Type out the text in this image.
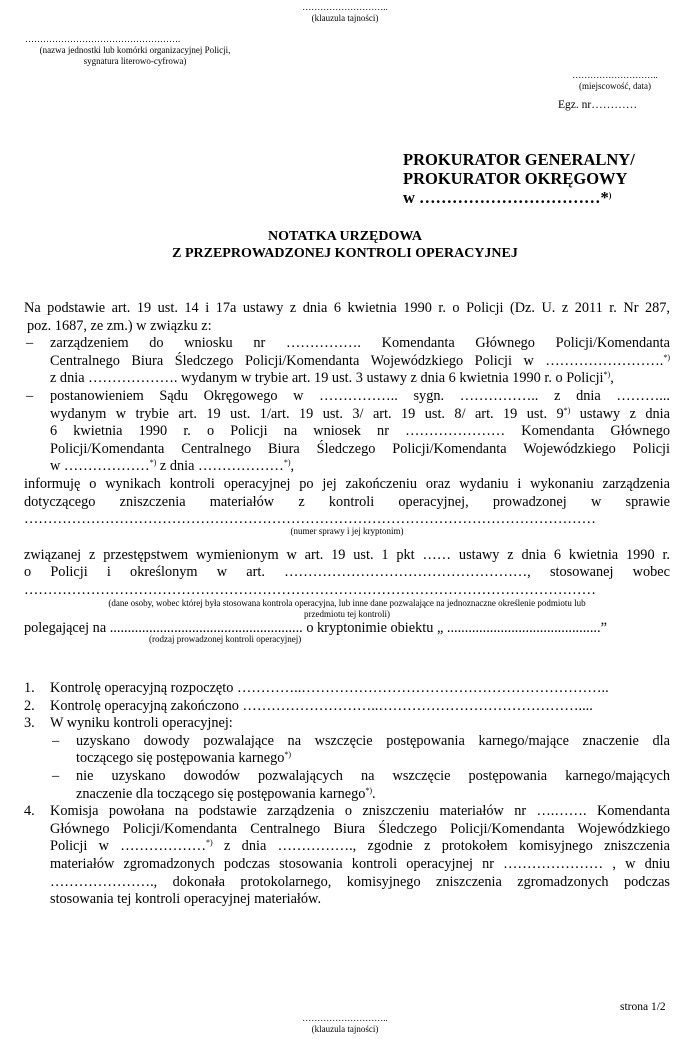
………………………..
(klauzula tajności)
…………………………………………….
(nazwa jednostki lub komórki organizacyjnej Policji,
sygnatura literowo-cyfrowa)
………………………..
(miejscowość, data)
Egz. nr…………
PROKURATOR GENERALNY/
PROKURATOR OKRĘGOWY
w ……………………………*)
NOTATKA URZĘDOWA
Z PRZEPROWADZONEJ KONTROLI OPERACYJNEJ
Na podstawie art. 19 ust. 14 i 17a ustawy z dnia 6 kwietnia 1990 r. o Policji (Dz. U. z 2011 r. Nr 287,
poz. 1687, ze zm.) w związku z:
– zarządzeniem do wniosku nr ……………. Komendanta Głównego Policji/Komendanta
Centralnego Biura Śledczego Policji/Komendanta Wojewódzkiego Policji w …………………….*)
z dnia ………………. wydanym w trybie art. 19 ust. 3 ustawy z dnia 6 kwietnia 1990 r. o Policji*),
– postanowieniem Sądu Okręgowego w …………….. sygn. …………….. z dnia ………...
wydanym w trybie art. 19 ust. 1/art. 19 ust. 3/ art. 19 ust. 8/ art. 19 ust. 9*) ustawy z dnia
6 kwietnia 1990 r. o Policji na wniosek nr ………………… Komendanta Głównego
Policji/Komendanta Centralnego Biura Śledczego Policji/Komendanta Wojewódzkiego Policji
w ………………*) z dnia ………………*),
informuję o wynikach kontroli operacyjnej po jej zakończeniu oraz wydaniu i wykonaniu zarządzenia
dotyczącego zniszczenia materiałów z kontroli operacyjnej, prowadzonej w sprawie
…………………………………………………………………………………………………………
(numer sprawy i jej kryptonim)
związanej z przestępstwem wymienionym w art. 19 ust. 1 pkt …… ustawy z dnia 6 kwietnia 1990 r.
o Policji i określonym w art. ……………………………………………, stosowanej wobec
…………………………………………………………………………………………………………
(dane osoby, wobec której była stosowana kontrola operacyjna, lub inne dane pozwalające na jednoznaczne określenie podmiotu lub
przedmiotu tej kontroli)
polegającej na ...................................................... o kryptonimie obiektu „ ...........................................”
(rodzaj prowadzonej kontroli operacyjnej)
1. Kontrolę operacyjną rozpoczęto …………..………………………………………………………..
2. Kontrolę operacyjną zakończono ………………………..……………………………………....
3. W wyniku kontroli operacyjnej:
– uzyskano dowody pozwalające na wszczęcie postępowania karnego/mające znaczenie dla
toczącego się postępowania karnego*)
– nie uzyskano dowodów pozwalających na wszczęcie postępowania karnego/mających
znaczenie dla toczącego się postępowania karnego*).
4. Komisja powołana na podstawie zarządzenia o zniszczeniu materiałów nr ….……. Komendanta
Głównego Policji/Komendanta Centralnego Biura Śledczego Policji/Komendanta Wojewódzkiego
Policji w ………………*) z dnia ……………., zgodnie z protokołem komisyjnego zniszczenia
materiałów zgromadzonych podczas stosowania kontroli operacyjnej nr ………………… , w dniu
…………………., dokonała protokolarnego, komisyjnego zniszczenia zgromadzonych podczas
stosowania tej kontroli operacyjnej materiałów.
strona 1/2
………………………..
(klauzula tajności)
